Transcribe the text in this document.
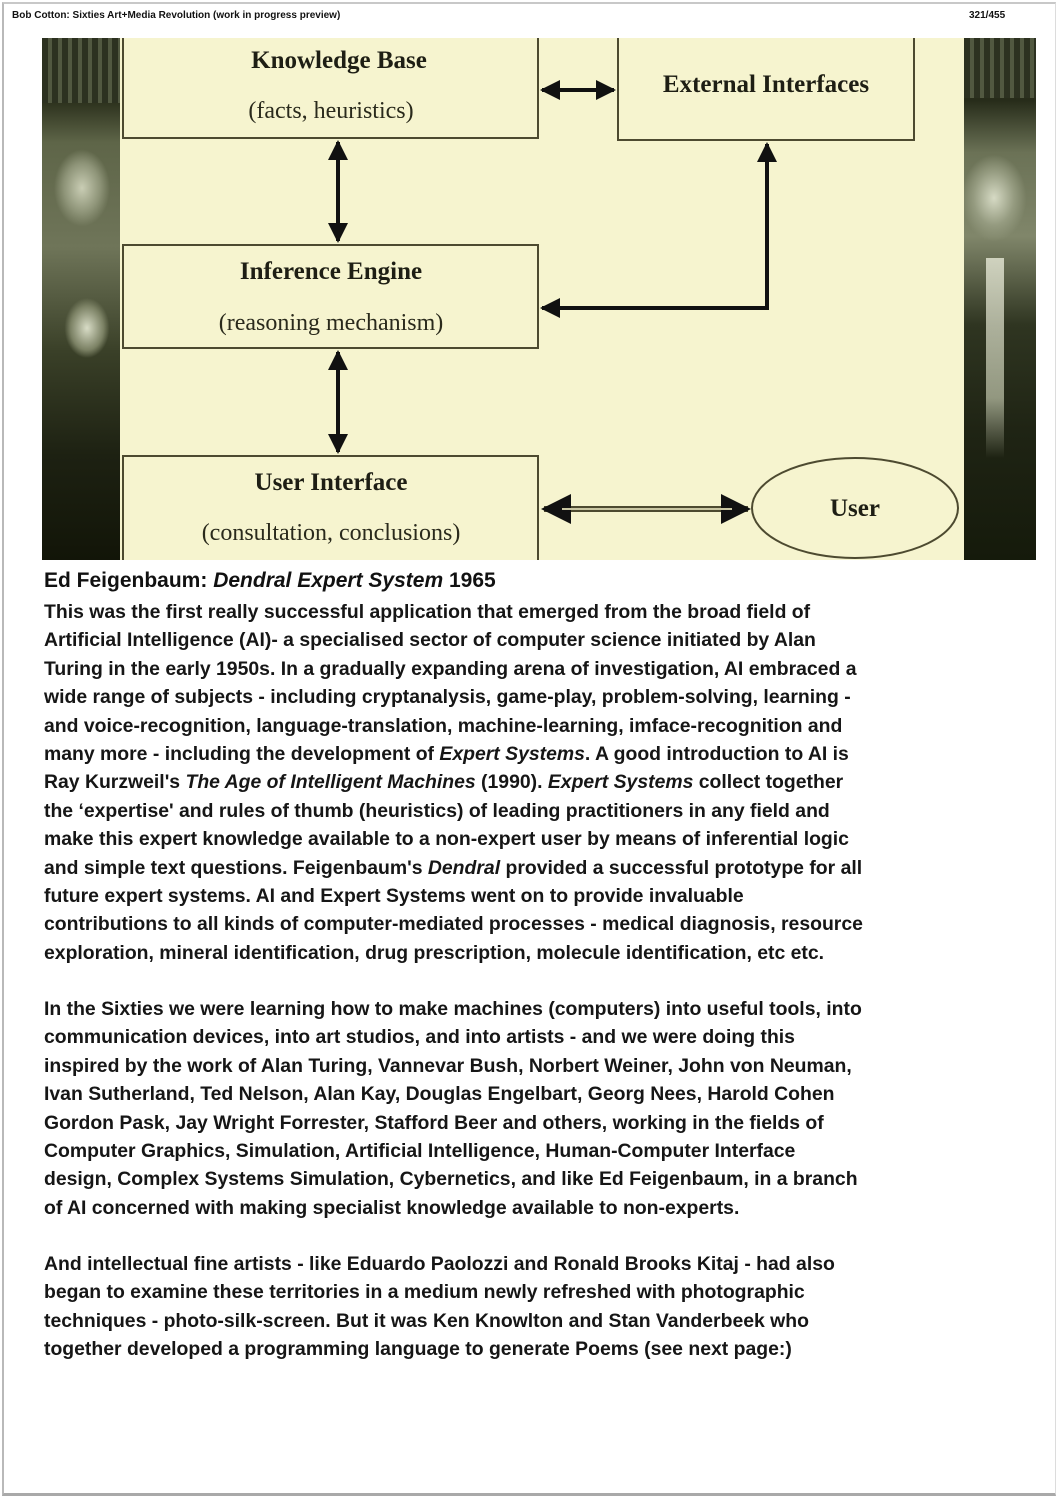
Bob Cotton: Sixties Art+Media Revolution (work in progress preview)	321/455
Knowledge Base
(facts, heuristics)
External Interfaces
Inference Engine
(reasoning mechanism)
User Interface
(consultation, conclusions)
User
Ed Feigenbaum: Dendral Expert System 1965
This was the first really successful application that emerged from the broad field of
Artificial Intelligence (AI)- a specialised sector of computer science initiated by Alan
Turing in the early 1950s. In a gradually expanding arena of investigation, AI embraced a
wide range of subjects - including cryptanalysis, game-play, problem-solving, learning -
and voice-recognition, language-translation, machine-learning, imface-recognition and
many more - including the development of Expert Systems. A good introduction to AI is
Ray Kurzweil's The Age of Intelligent Machines (1990). Expert Systems collect together
the ‘expertise' and rules of thumb (heuristics) of leading practitioners in any field and
make this expert knowledge available to a non-expert user by means of inferential logic
and simple text questions. Feigenbaum's Dendral provided a successful prototype for all
future expert systems. AI and Expert Systems went on to provide invaluable
contributions to all kinds of computer-mediated processes - medical diagnosis, resource
exploration, mineral identification, drug prescription, molecule identification, etc etc.
In the Sixties we were learning how to make machines (computers) into useful tools, into
communication devices, into art studios, and into artists - and we were doing this
inspired by the work of Alan Turing, Vannevar Bush, Norbert Weiner, John von Neuman,
Ivan Sutherland, Ted Nelson, Alan Kay, Douglas Engelbart, Georg Nees, Harold Cohen
Gordon Pask, Jay Wright Forrester, Stafford Beer and others, working in the fields of
Computer Graphics, Simulation, Artificial Intelligence, Human-Computer Interface
design, Complex Systems Simulation, Cybernetics, and like Ed Feigenbaum, in a branch
of AI concerned with making specialist knowledge available to non-experts.
And intellectual fine artists - like Eduardo Paolozzi and Ronald Brooks Kitaj - had also
began to examine these territories in a medium newly refreshed with photographic
techniques - photo-silk-screen. But it was Ken Knowlton and Stan Vanderbeek who
together developed a programming language to generate Poems (see next page:)
